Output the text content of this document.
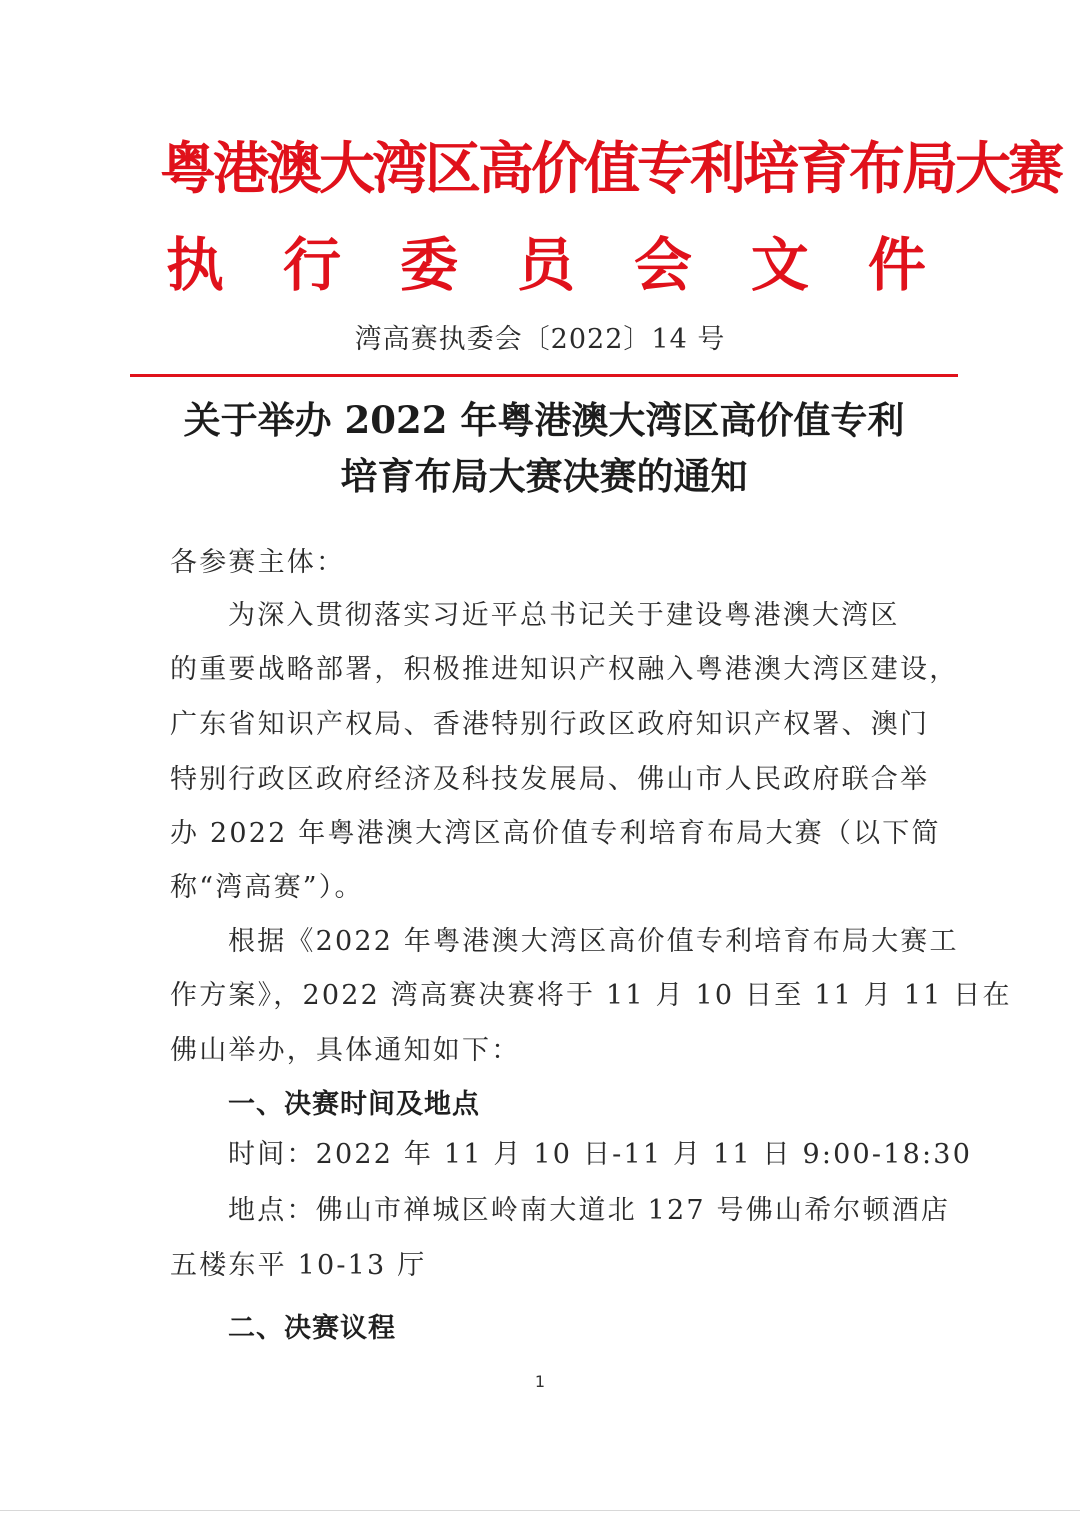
粤港澳大湾区高价值专利培育布局大赛
执 行 委 员 会 文 件
湾高赛执委会〔2022〕14 号
关于举办 2022 年粤港澳大湾区高价值专利
培育布局大赛决赛的通知
各参赛主体：
为深入贯彻落实习近平总书记关于建设粤港澳大湾区
的重要战略部署，积极推进知识产权融入粤港澳大湾区建设，
广东省知识产权局、香港特别行政区政府知识产权署、澳门
特别行政区政府经济及科技发展局、佛山市人民政府联合举
办 2022 年粤港澳大湾区高价值专利培育布局大赛（以下简
称“湾高赛”）。
根据《2022 年粤港澳大湾区高价值专利培育布局大赛工
作方案》，2022 湾高赛决赛将于 11 月 10 日至 11 月 11 日在
佛山举办，具体通知如下：
一、决赛时间及地点
时间：2022 年 11 月 10 日-11 月 11 日 9:00-18:30
地点：佛山市禅城区岭南大道北 127 号佛山希尔顿酒店
五楼东平 10-13 厅
二、决赛议程
1
